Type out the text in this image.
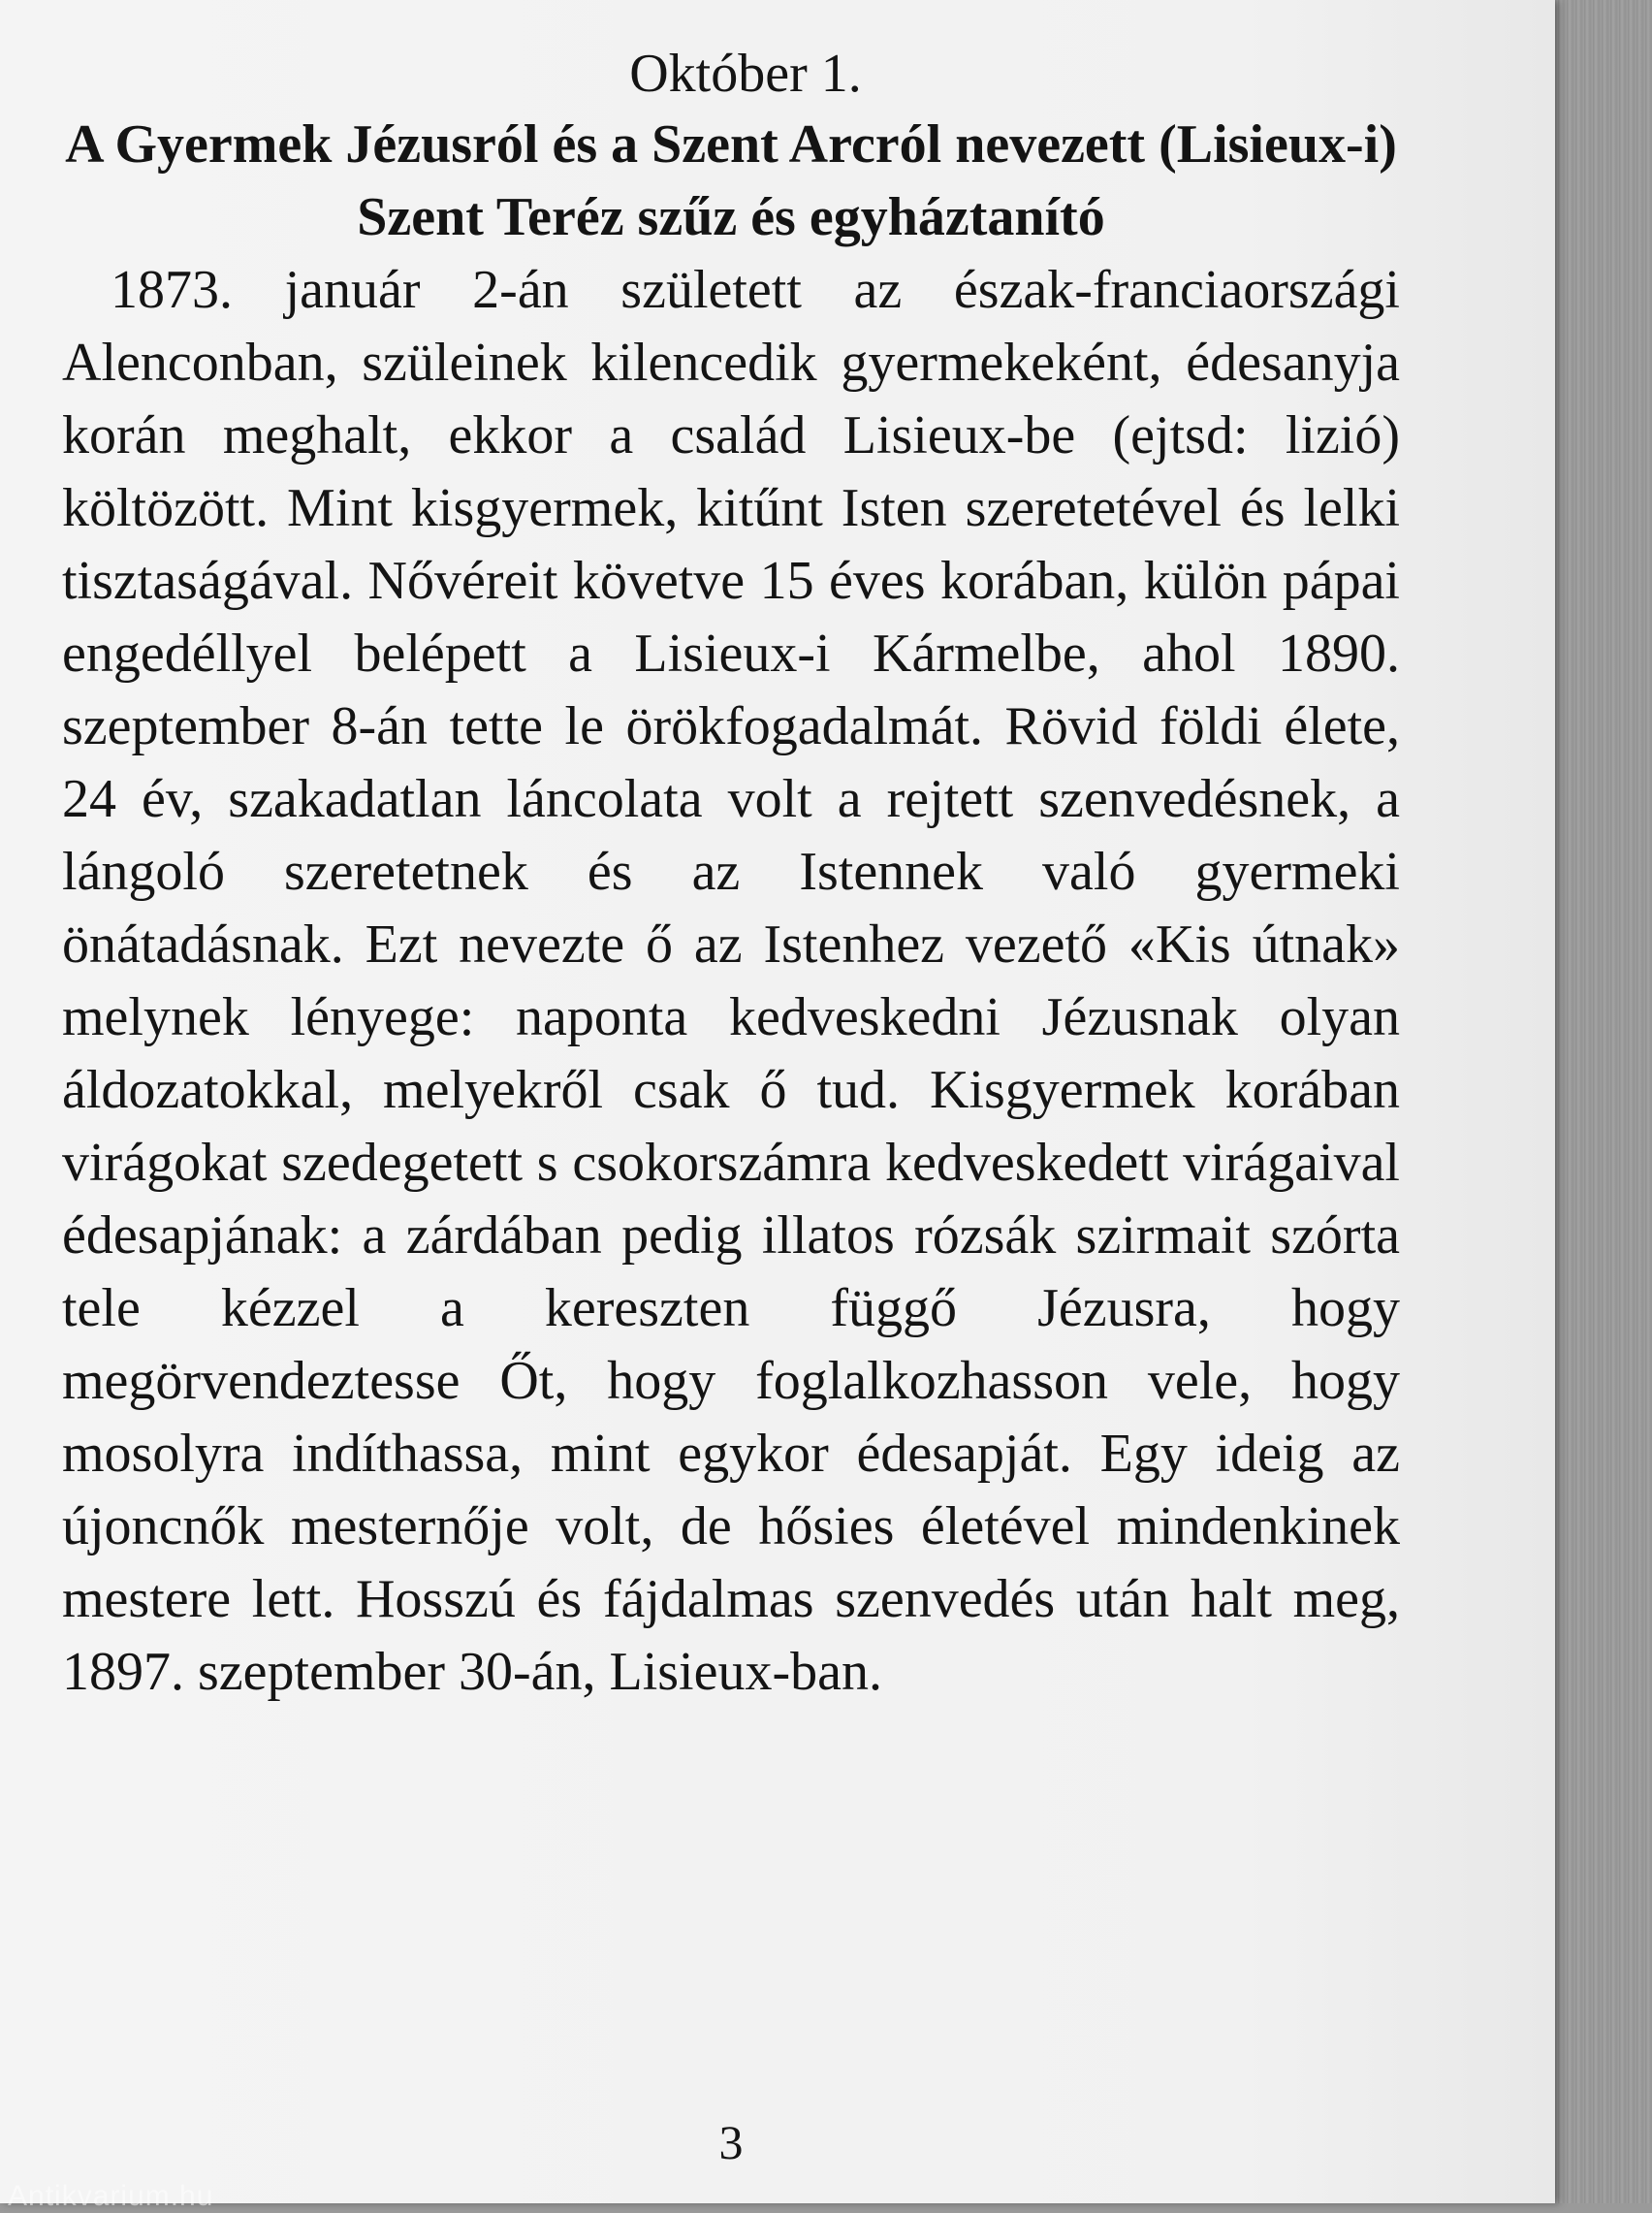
Október 1.
A Gyermek Jézusról és a Szent Arcról nevezett (Lisieux-i) Szent Teréz szűz és egyháztanító

1873. január 2-án született az észak-franciaországi Alenconban, szüleinek kilencedik gyermekeként, édesanyja korán meghalt, ekkor a család Lisieux-be (ejtsd: lizió) költözött. Mint kisgyermek, kitűnt Isten szeretetével és lelki tisztaságával. Nővéreit követve 15 éves korában, külön pápai engedéllyel belépett a Lisieux-i Kármelbe, ahol 1890. szeptember 8-án tette le örökfogadalmát. Rövid földi élete, 24 év, szakadatlan láncolata volt a rejtett szenvedésnek, a lángoló szeretetnek és az Istennek való gyermeki önátadásnak. Ezt nevezte ő az Istenhez vezető «Kis útnak» melynek lényege: naponta kedveskedni Jézusnak olyan áldozatokkal, melyekről csak ő tud. Kisgyermek korában virágokat szedegetett s csokorszámra kedveskedett virágaival édesapjának: a zárdában pedig illatos rózsák szirmait szórta tele kézzel a kereszten függő Jézusra, hogy megörvendeztesse Őt, hogy foglalkozhasson vele, hogy mosolyra indíthassa, mint egykor édesapját. Egy ideig az újoncnők mesternője volt, de hősies életével mindenkinek mestere lett. Hosszú és fájdalmas szenvedés után halt meg, 1897. szeptember 30-án, Lisieux-ban.

3
Antikvarium.hu
